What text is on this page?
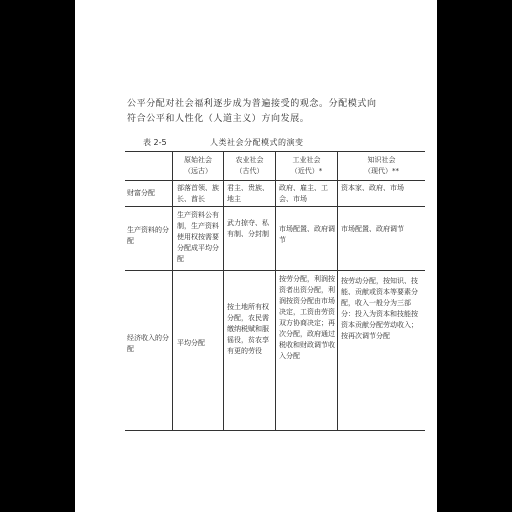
公平分配对社会福利逐步成为普遍接受的观念。分配模式向
符合公平和人性化（人道主义）方向发展。
表 2-5	人类社会分配模式的演变
原始社会
（远古）
农业社会
（古代）
工业社会
（近代）*
知识社会
（现代）**
财富分配
部落首领、族长、酋长
君主、贵族、地主
政府、雇主、工会、市场
资本家、政府、市场
生产资料的分配
生产资料公有制，生产资料使用权按需要分配成平均分配
武力掠夺、私有制、分封制
市场配置、政府调节
市场配置、政府调节
经济收入的分配
平均分配
按土地所有权分配，农民需缴纳税赋和服徭役，贫农享有更的劳役
按劳分配，利润按资者出资分配，利润按资分配由市场决定，工资由劳资双方协商决定；再次分配，政府通过税收和财政调节收入分配
按劳动分配，按知识、技能、贡献或资本等要素分配，收入一般分为三部分：投入为资本和技能按资本贡献分配劳动收入；按再次调节分配
